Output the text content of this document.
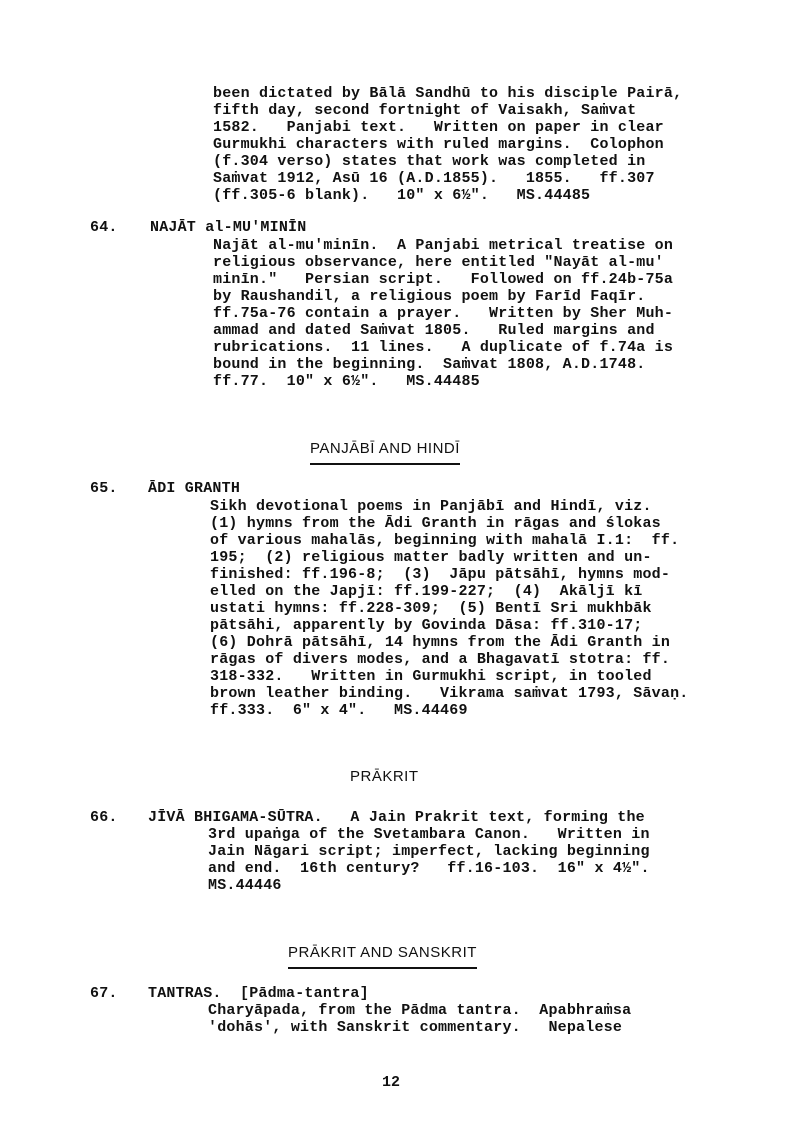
been dictated by Bālā Sandhū to his disciple Pairā,
fifth day, second fortnight of Vaisakh, Saṁvat
1582.   Panjabi text.   Written on paper in clear
Gurmukhi characters with ruled margins.  Colophon
(f.304 verso) states that work was completed in
Saṁvat 1912, Asū 16 (A.D.1855).   1855.   ff.307
(ff.305-6 blank).   10" x 6½".   MS.44485
64. NAJĀT al-MU'MINĪN
Najāt al-mu'minīn.  A Panjabi metrical treatise on
religious observance, here entitled "Nayāt al-mu'
minīn."   Persian script.   Followed on ff.24b-75a
by Raushandil, a religious poem by Farīd Faqīr.
ff.75a-76 contain a prayer.   Written by Sher Muh-
ammad and dated Saṁvat 1805.   Ruled margins and
rubrications.  11 lines.   A duplicate of f.74a is
bound in the beginning.  Saṁvat 1808, A.D.1748.
ff.77.  10" x 6½".   MS.44485
PANJĀBĪ AND HINDĪ
65. ĀDI GRANTH
Sikh devotional poems in Panjābī and Hindī, viz.
(1) hymns from the Ādi Granth in rāgas and ślokas
of various mahalās, beginning with mahalā I.1:  ff.
195;  (2) religious matter badly written and un-
finished: ff.196-8;  (3)  Jāpu pātsāhī, hymns mod-
elled on the Japjī: ff.199-227;  (4)  Akāljī kī
ustati hymns: ff.228-309;  (5) Bentī Sri mukhbāk
pātsāhi, apparently by Govinda Dāsa: ff.310-17;
(6) Dohrā pātsāhī, 14 hymns from the Ādi Granth in
rāgas of divers modes, and a Bhagavatī stotra: ff.
318-332.   Written in Gurmukhi script, in tooled
brown leather binding.   Vikrama saṁvat 1793, Sāvaṇ.
ff.333.  6" x 4".   MS.44469
PRĀKRIT
66. JĪVĀ BHIGAMA-SŪTRA.   A Jain Prakrit text, forming the
3rd upaṅga of the Svetambara Canon.   Written in
Jain Nāgari script; imperfect, lacking beginning
and end.  16th century?   ff.16-103.  16" x 4½".
MS.44446
PRĀKRIT AND SANSKRIT
67. TANTRAS.  [Pādma-tantra]
Charyāpada, from the Pādma tantra.  Apabhraṁsa
'dohās', with Sanskrit commentary.   Nepalese
12
